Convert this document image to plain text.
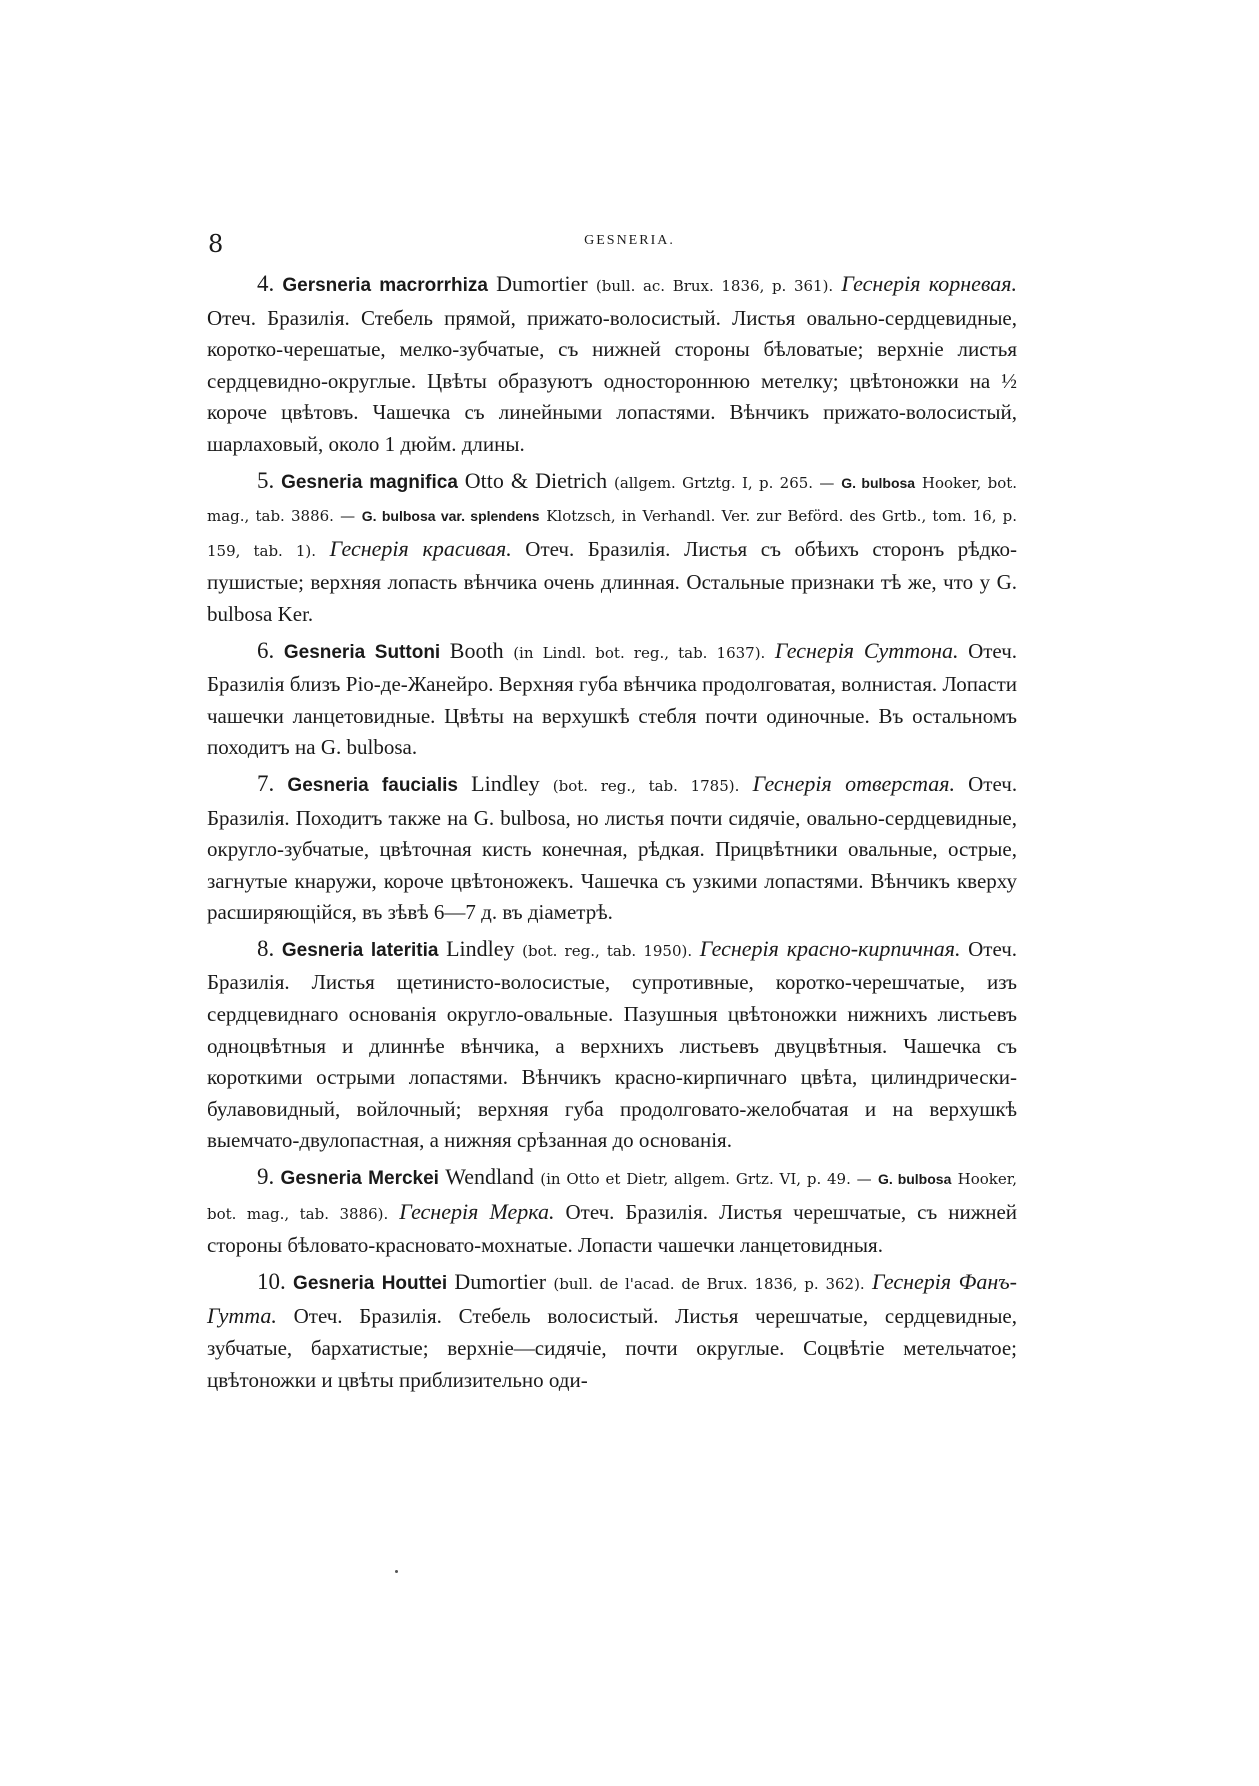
8	GESNERIA.

4. Gersneria macrorrhiza Dumortier (bull. ac. Brux. 1836, p. 361). Геснерія корневая. Отеч. Бразилія. Стебель прямой, прижато-волосистый. Листья овально-сердцевидные, коротко-черешатые, мелко-зубчатые, съ нижней стороны бѣловатые; верхніе листья сердцевидно-округлые. Цвѣты образуютъ одностороннюю метелку; цвѣтоножки на ½ короче цвѣтовъ. Чашечка съ линейными лопастями. Вѣнчикъ прижато-волосистый, шарлаховый, около 1 дюйм. длины.

5. Gesneria magnifica Otto & Dietrich (allgem. Grtztg. I, p. 265. — G. bulbosa Hooker, bot. mag., tab. 3886. — G. bulbosa var. splendens Klotzsch, in Verhandl. Ver. zur Beförd. des Grtb., tom. 16, p. 159, tab. 1). Геснерія красивая. Отеч. Бразилія. Листья съ обѣихъ сторонъ рѣдко-пушистые; верхняя лопасть вѣнчика очень длинная. Остальные признаки тѣ же, что у G. bulbosa Ker.

6. Gesneria Suttoni Booth (in Lindl. bot. reg., tab. 1637). Геснерія Суттона. Отеч. Бразилія близъ Ріо-де-Жанейро. Верхняя губа вѣнчика продолговатая, волнистая. Лопасти чашечки ланцетовидные. Цвѣты на верхушкѣ стебля почти одиночные. Въ остальномъ походитъ на G. bulbosa.

7. Gesneria faucialis Lindley (bot. reg., tab. 1785). Геснерія отверстая. Отеч. Бразилія. Походитъ также на G. bulbosa, но листья почти сидячіе, овально-сердцевидные, округло-зубчатые, цвѣточная кисть конечная, рѣдкая. Прицвѣтники овальные, острые, загнутые кнаружи, короче цвѣтоножекъ. Чашечка съ узкими лопастями. Вѣнчикъ кверху расширяющійся, въ зѣвѣ 6—7 д. въ діаметрѣ.

8. Gesneria lateritia Lindley (bot. reg., tab. 1950). Геснерія красно-кирпичная. Отеч. Бразилія. Листья щетинисто-волосистые, супротивные, коротко-черешчатые, изъ сердцевиднаго основанія округло-овальные. Пазушныя цвѣтоножки нижнихъ листьевъ одноцвѣтныя и длиннѣе вѣнчика, а верхнихъ листьевъ двуцвѣтныя. Чашечка съ короткими острыми лопастями. Вѣнчикъ красно-кирпичнаго цвѣта, цилиндрически-булавовидный, войлочный; верхняя губа продолговато-желобчатая и на верхушкѣ выемчато-двулопастная, а нижняя срѣзанная до основанія.

9. Gesneria Merckei Wendland (in Otto et Dietr, allgem. Grtz. VI, p. 49. — G. bulbosa Hooker, bot. mag., tab. 3886). Геснерія Мерка. Отеч. Бразилія. Листья черешчатые, съ нижней стороны бѣловато-красновато-мохнатые. Лопасти чашечки ланцетовидныя.

10. Gesneria Houttei Dumortier (bull. de l'acad. de Brux. 1836, p. 362). Геснерія Фанъ-Гутта. Отеч. Бразилія. Стебель волосистый. Листья черешчатые, сердцевидные, зубчатые, бархатистые; верхніе—сидячіе, почти округлые. Соцвѣтіе метельчатое; цвѣтоножки и цвѣты приблизительно оди-
